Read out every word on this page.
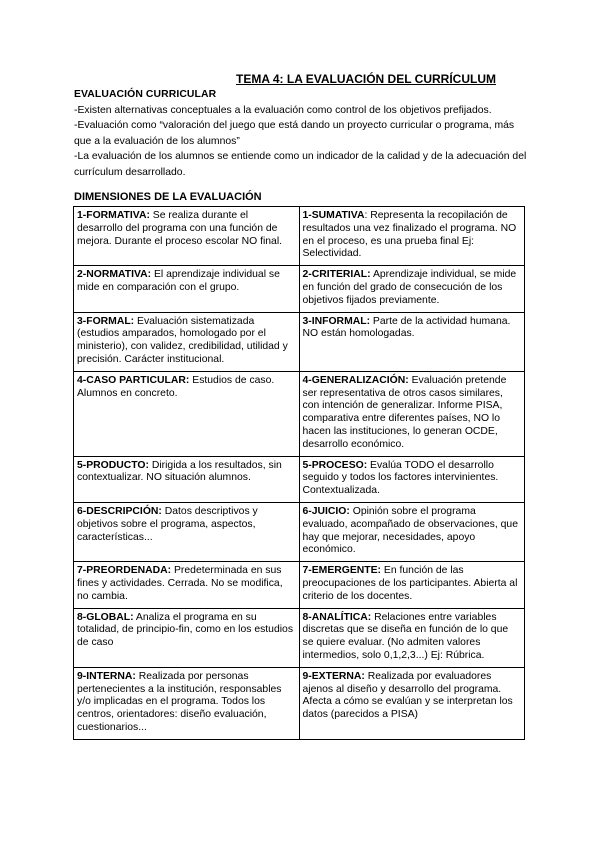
TEMA 4: LA EVALUACIÓN DEL CURRÍCULUM

EVALUACIÓN CURRICULAR

-Existen alternativas conceptuales a la evaluación como control de los objetivos prefijados.

-Evaluación como “valoración del juego que está dando un proyecto curricular o programa, más que a la evaluación de los alumnos”

-La evaluación de los alumnos se entiende como un indicador de la calidad y de la adecuación del currículum desarrollado.

DIMENSIONES DE LA EVALUACIÓN
1-FORMATIVA: Se realiza durante el desarrollo del programa con una función de mejora. Durante el proceso escolar NO final.	1-SUMATIVA: Representa la recopilación de resultados una vez finalizado el programa. NO en el proceso, es una prueba final Ej: Selectividad.
2-NORMATIVA: El aprendizaje individual se mide en comparación con el grupo.	2-CRITERIAL: Aprendizaje individual, se mide en función del grado de consecución de los objetivos fijados previamente.
3-FORMAL: Evaluación sistematizada (estudios amparados, homologado por el ministerio), con validez, credibilidad, utilidad y precisión. Carácter institucional.	3-INFORMAL: Parte de la actividad humana. NO están homologadas.
4-CASO PARTICULAR: Estudios de caso. Alumnos en concreto.	4-GENERALIZACIÓN: Evaluación pretende ser representativa de otros casos similares, con intención de generalizar. Informe PISA, comparativa entre diferentes países, NO lo hacen las instituciones, lo generan OCDE, desarrollo económico.
5-PRODUCTO: Dirigida a los resultados, sin contextualizar. NO situación alumnos.	5-PROCESO: Evalúa TODO el desarrollo seguido y todos los factores intervinientes. Contextualizada.
6-DESCRIPCIÓN: Datos descriptivos y objetivos sobre el programa, aspectos, características...	6-JUICIO: Opinión sobre el programa evaluado, acompañado de observaciones, que hay que mejorar, necesidades, apoyo económico.
7-PREORDENADA: Predeterminada en sus fines y actividades. Cerrada. No se modifica, no cambia.	7-EMERGENTE: En función de las preocupaciones de los participantes. Abierta al criterio de los docentes.
8-GLOBAL: Analiza el programa en su totalidad, de principio-fin, como en los estudios de caso	8-ANALÍTICA: Relaciones entre variables discretas que se diseña en función de lo que se quiere evaluar. (No admiten valores intermedios, solo 0,1,2,3...) Ej: Rúbrica.
9-INTERNA: Realizada por personas pertenecientes a la institución, responsables y/o implicadas en el programa. Todos los centros, orientadores: diseño evaluación, cuestionarios...	9-EXTERNA: Realizada por evaluadores ajenos al diseño y desarrollo del programa. Afecta a cómo se evalúan y se interpretan los datos (parecidos a PISA)
